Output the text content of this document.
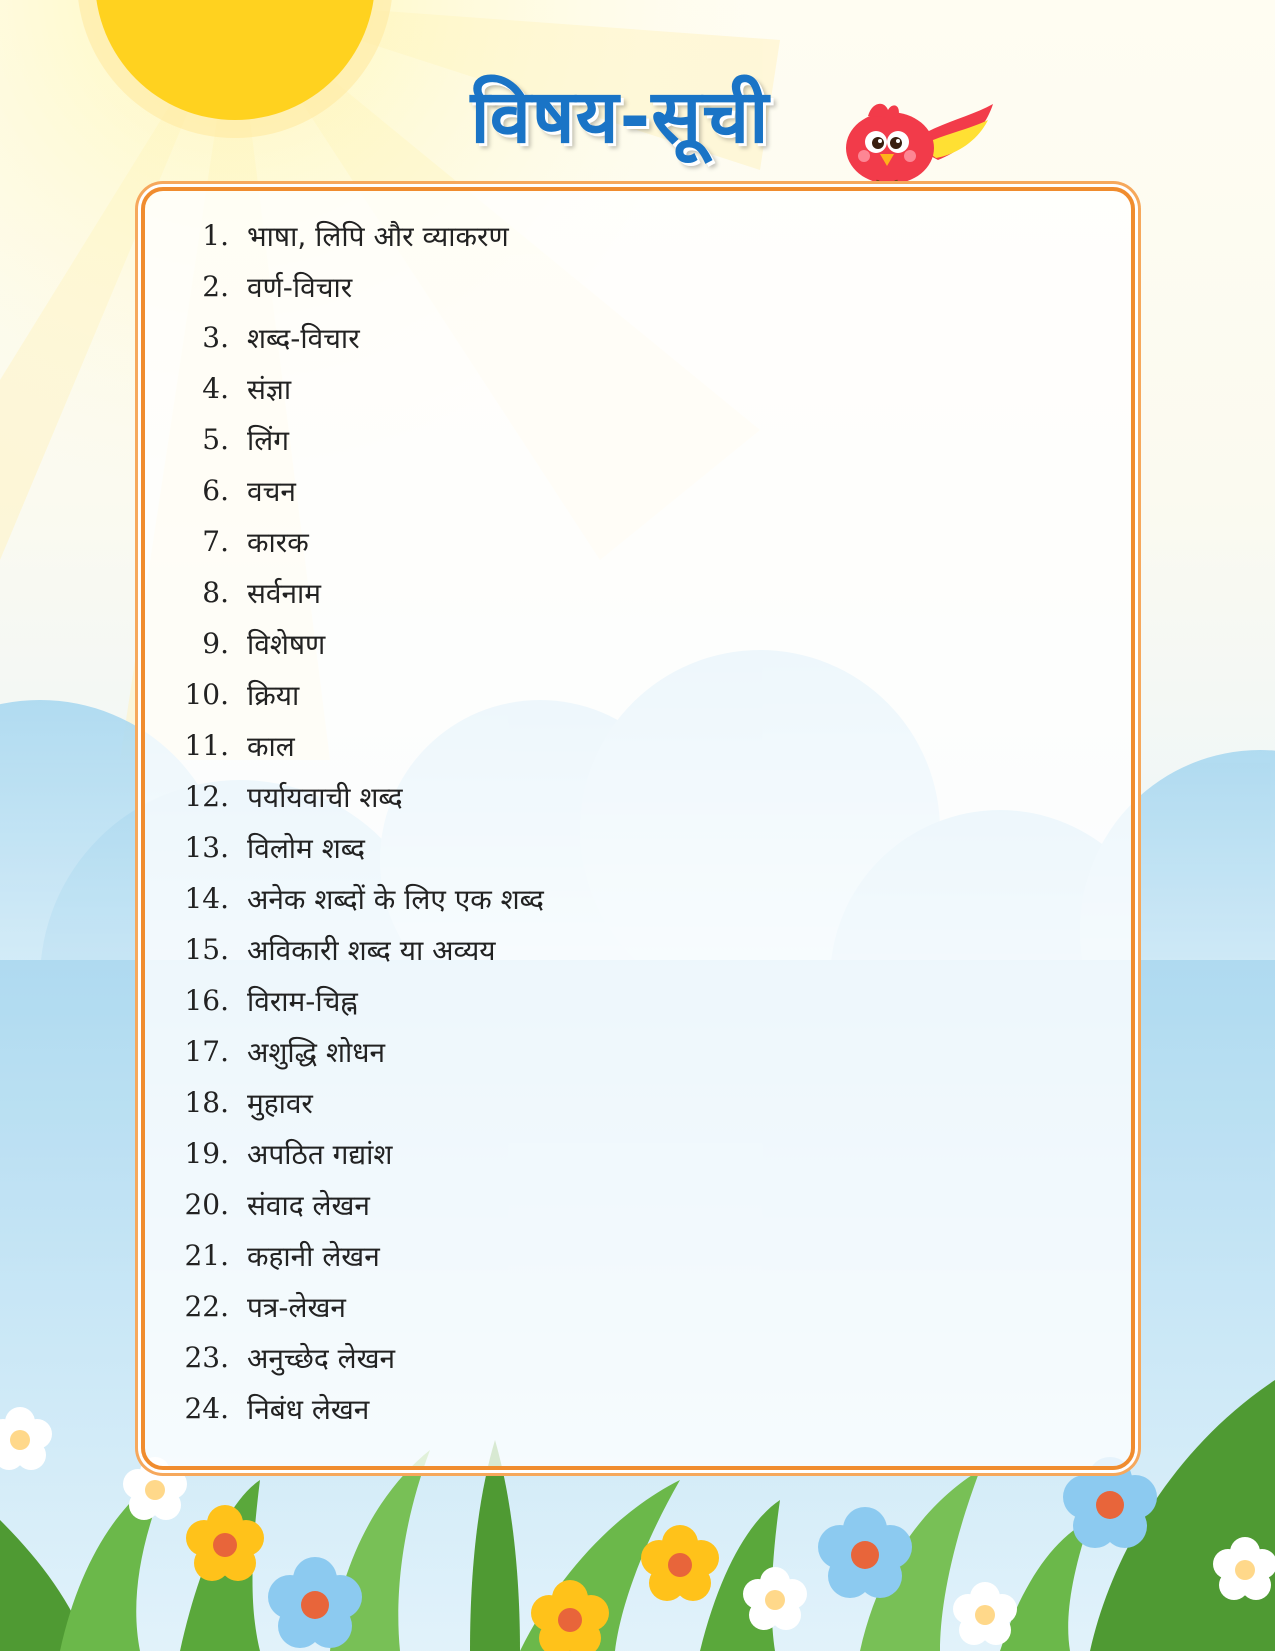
विषय-सूची
1. भाषा, लिपि और व्याकरण
2. वर्ण-विचार
3. शब्द-विचार
4. संज्ञा
5. लिंग
6. वचन
7. कारक
8. सर्वनाम
9. विशेषण
10. क्रिया
11. काल
12. पर्यायवाची शब्द
13. विलोम शब्द
14. अनेक शब्दों के लिए एक शब्द
15. अविकारी शब्द या अव्यय
16. विराम-चिह्न
17. अशुद्धि शोधन
18. मुहावर
19. अपठित गद्यांश
20. संवाद लेखन
21. कहानी लेखन
22. पत्र-लेखन
23. अनुच्छेद लेखन
24. निबंध लेखन
